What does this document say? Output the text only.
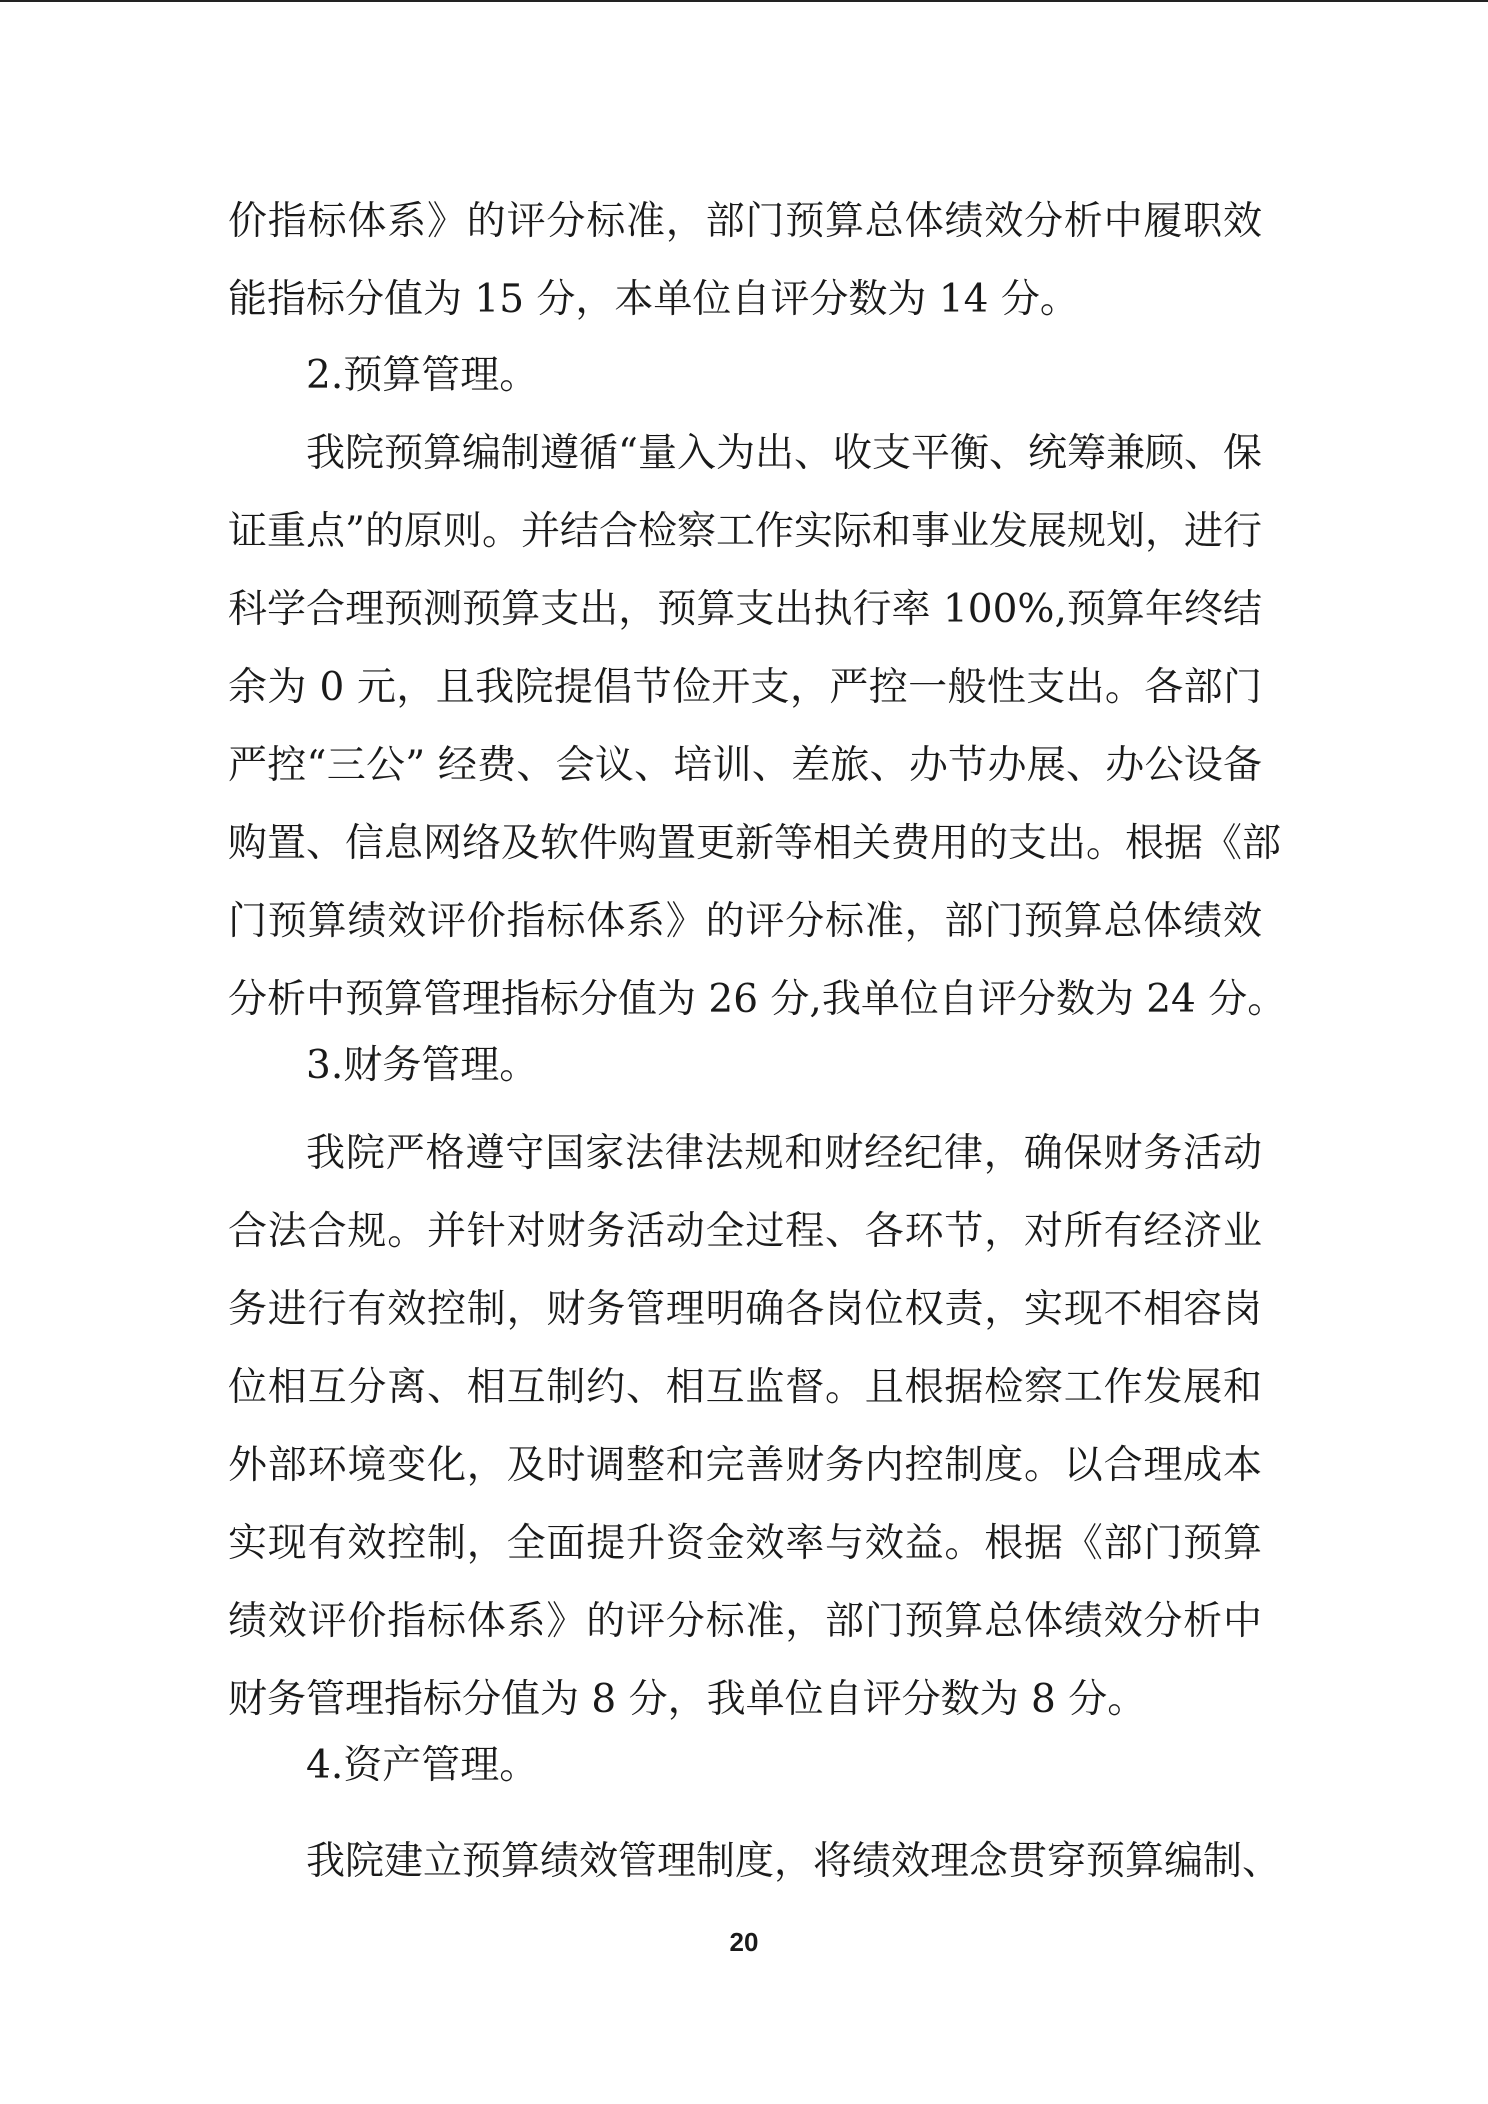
价指标体系》的评分标准，部门预算总体绩效分析中履职效
能指标分值为 15 分，本单位自评分数为 14 分。
2.预算管理。
我院预算编制遵循“量入为出、收支平衡、统筹兼顾、保
证重点”的原则。并结合检察工作实际和事业发展规划，进行
科学合理预测预算支出，预算支出执行率 100%,预算年终结
余为 0 元，且我院提倡节俭开支，严控一般性支出。各部门
严控“三公” 经费、会议、培训、差旅、办节办展、办公设备
购置、信息网络及软件购置更新等相关费用的支出。根据《部
门预算绩效评价指标体系》的评分标准，部门预算总体绩效
分析中预算管理指标分值为 26 分,我单位自评分数为 24 分。
3.财务管理。
我院严格遵守国家法律法规和财经纪律，确保财务活动
合法合规。并针对财务活动全过程、各环节，对所有经济业
务进行有效控制，财务管理明确各岗位权责，实现不相容岗
位相互分离、相互制约、相互监督。且根据检察工作发展和
外部环境变化，及时调整和完善财务内控制度。以合理成本
实现有效控制，全面提升资金效率与效益。根据《部门预算
绩效评价指标体系》的评分标准，部门预算总体绩效分析中
财务管理指标分值为 8 分，我单位自评分数为 8 分。
4.资产管理。
我院建立预算绩效管理制度，将绩效理念贯穿预算编制、
20
